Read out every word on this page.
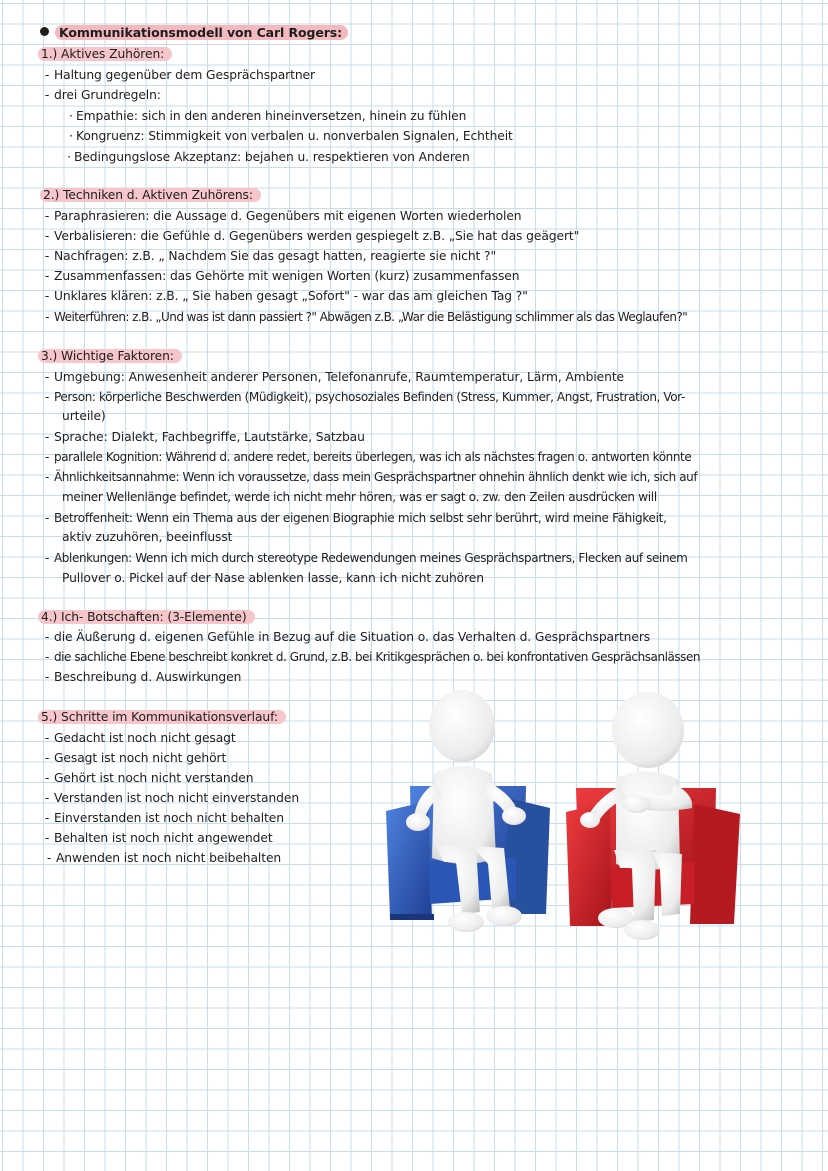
Kommunikationsmodell von Carl Rogers:
1.) Aktives Zuhören:
- Haltung gegenüber dem Gesprächspartner
- drei Grundregeln:
· Empathie: sich in den anderen hineinversetzen, hinein zu fühlen
· Kongruenz: Stimmigkeit von verbalen u. nonverbalen Signalen, Echtheit
· Bedingungslose Akzeptanz: bejahen u. respektieren von Anderen
2.) Techniken d. Aktiven Zuhörens:
- Paraphrasieren: die Aussage d. Gegenübers mit eigenen Worten wiederholen
- Verbalisieren: die Gefühle d. Gegenübers werden gespiegelt z.B. „Sie hat das geägert"
- Nachfragen: z.B. „ Nachdem Sie das gesagt hatten, reagierte sie nicht ?"
- Zusammenfassen: das Gehörte mit wenigen Worten (kurz) zusammenfassen
- Unklares klären: z.B. „ Sie haben gesagt „Sofort" - war das am gleichen Tag ?"
- Weiterführen: z.B. „Und was ist dann passiert ?" Abwägen z.B. „War die Belästigung schlimmer als das Weglaufen?"
3.) Wichtige Faktoren:
- Umgebung: Anwesenheit anderer Personen, Telefonanrufe, Raumtemperatur, Lärm, Ambiente
- Person: körperliche Beschwerden (Müdigkeit), psychosoziales Befinden (Stress, Kummer, Angst, Frustration, Vor-
urteile)
- Sprache: Dialekt, Fachbegriffe, Lautstärke, Satzbau
- parallele Kognition: Während d. andere redet, bereits überlegen, was ich als nächstes fragen o. antworten könnte
- Ähnlichkeitsannahme: Wenn ich voraussetze, dass mein Gesprächspartner ohnehin ähnlich denkt wie ich, sich auf
meiner Wellenlänge befindet, werde ich nicht mehr hören, was er sagt o. zw. den Zeilen ausdrücken will
- Betroffenheit: Wenn ein Thema aus der eigenen Biographie mich selbst sehr berührt, wird meine Fähigkeit,
aktiv zuzuhören, beeinflusst
- Ablenkungen: Wenn ich mich durch stereotype Redewendungen meines Gesprächspartners, Flecken auf seinem
Pullover o. Pickel auf der Nase ablenken lasse, kann ich nicht zuhören
4.) Ich- Botschaften: (3-Elemente)
- die Äußerung d. eigenen Gefühle in Bezug auf die Situation o. das Verhalten d. Gesprächspartners
- die sachliche Ebene beschreibt konkret d. Grund, z.B. bei Kritikgesprächen o. bei konfrontativen Gesprächsanlässen
- Beschreibung d. Auswirkungen
5.) Schritte im Kommunikationsverlauf:
- Gedacht ist noch nicht gesagt
- Gesagt ist noch nicht gehört
- Gehört ist noch nicht verstanden
- Verstanden ist noch nicht einverstanden
- Einverstanden ist noch nicht behalten
- Behalten ist noch nicht angewendet
- Anwenden ist noch nicht beibehalten
